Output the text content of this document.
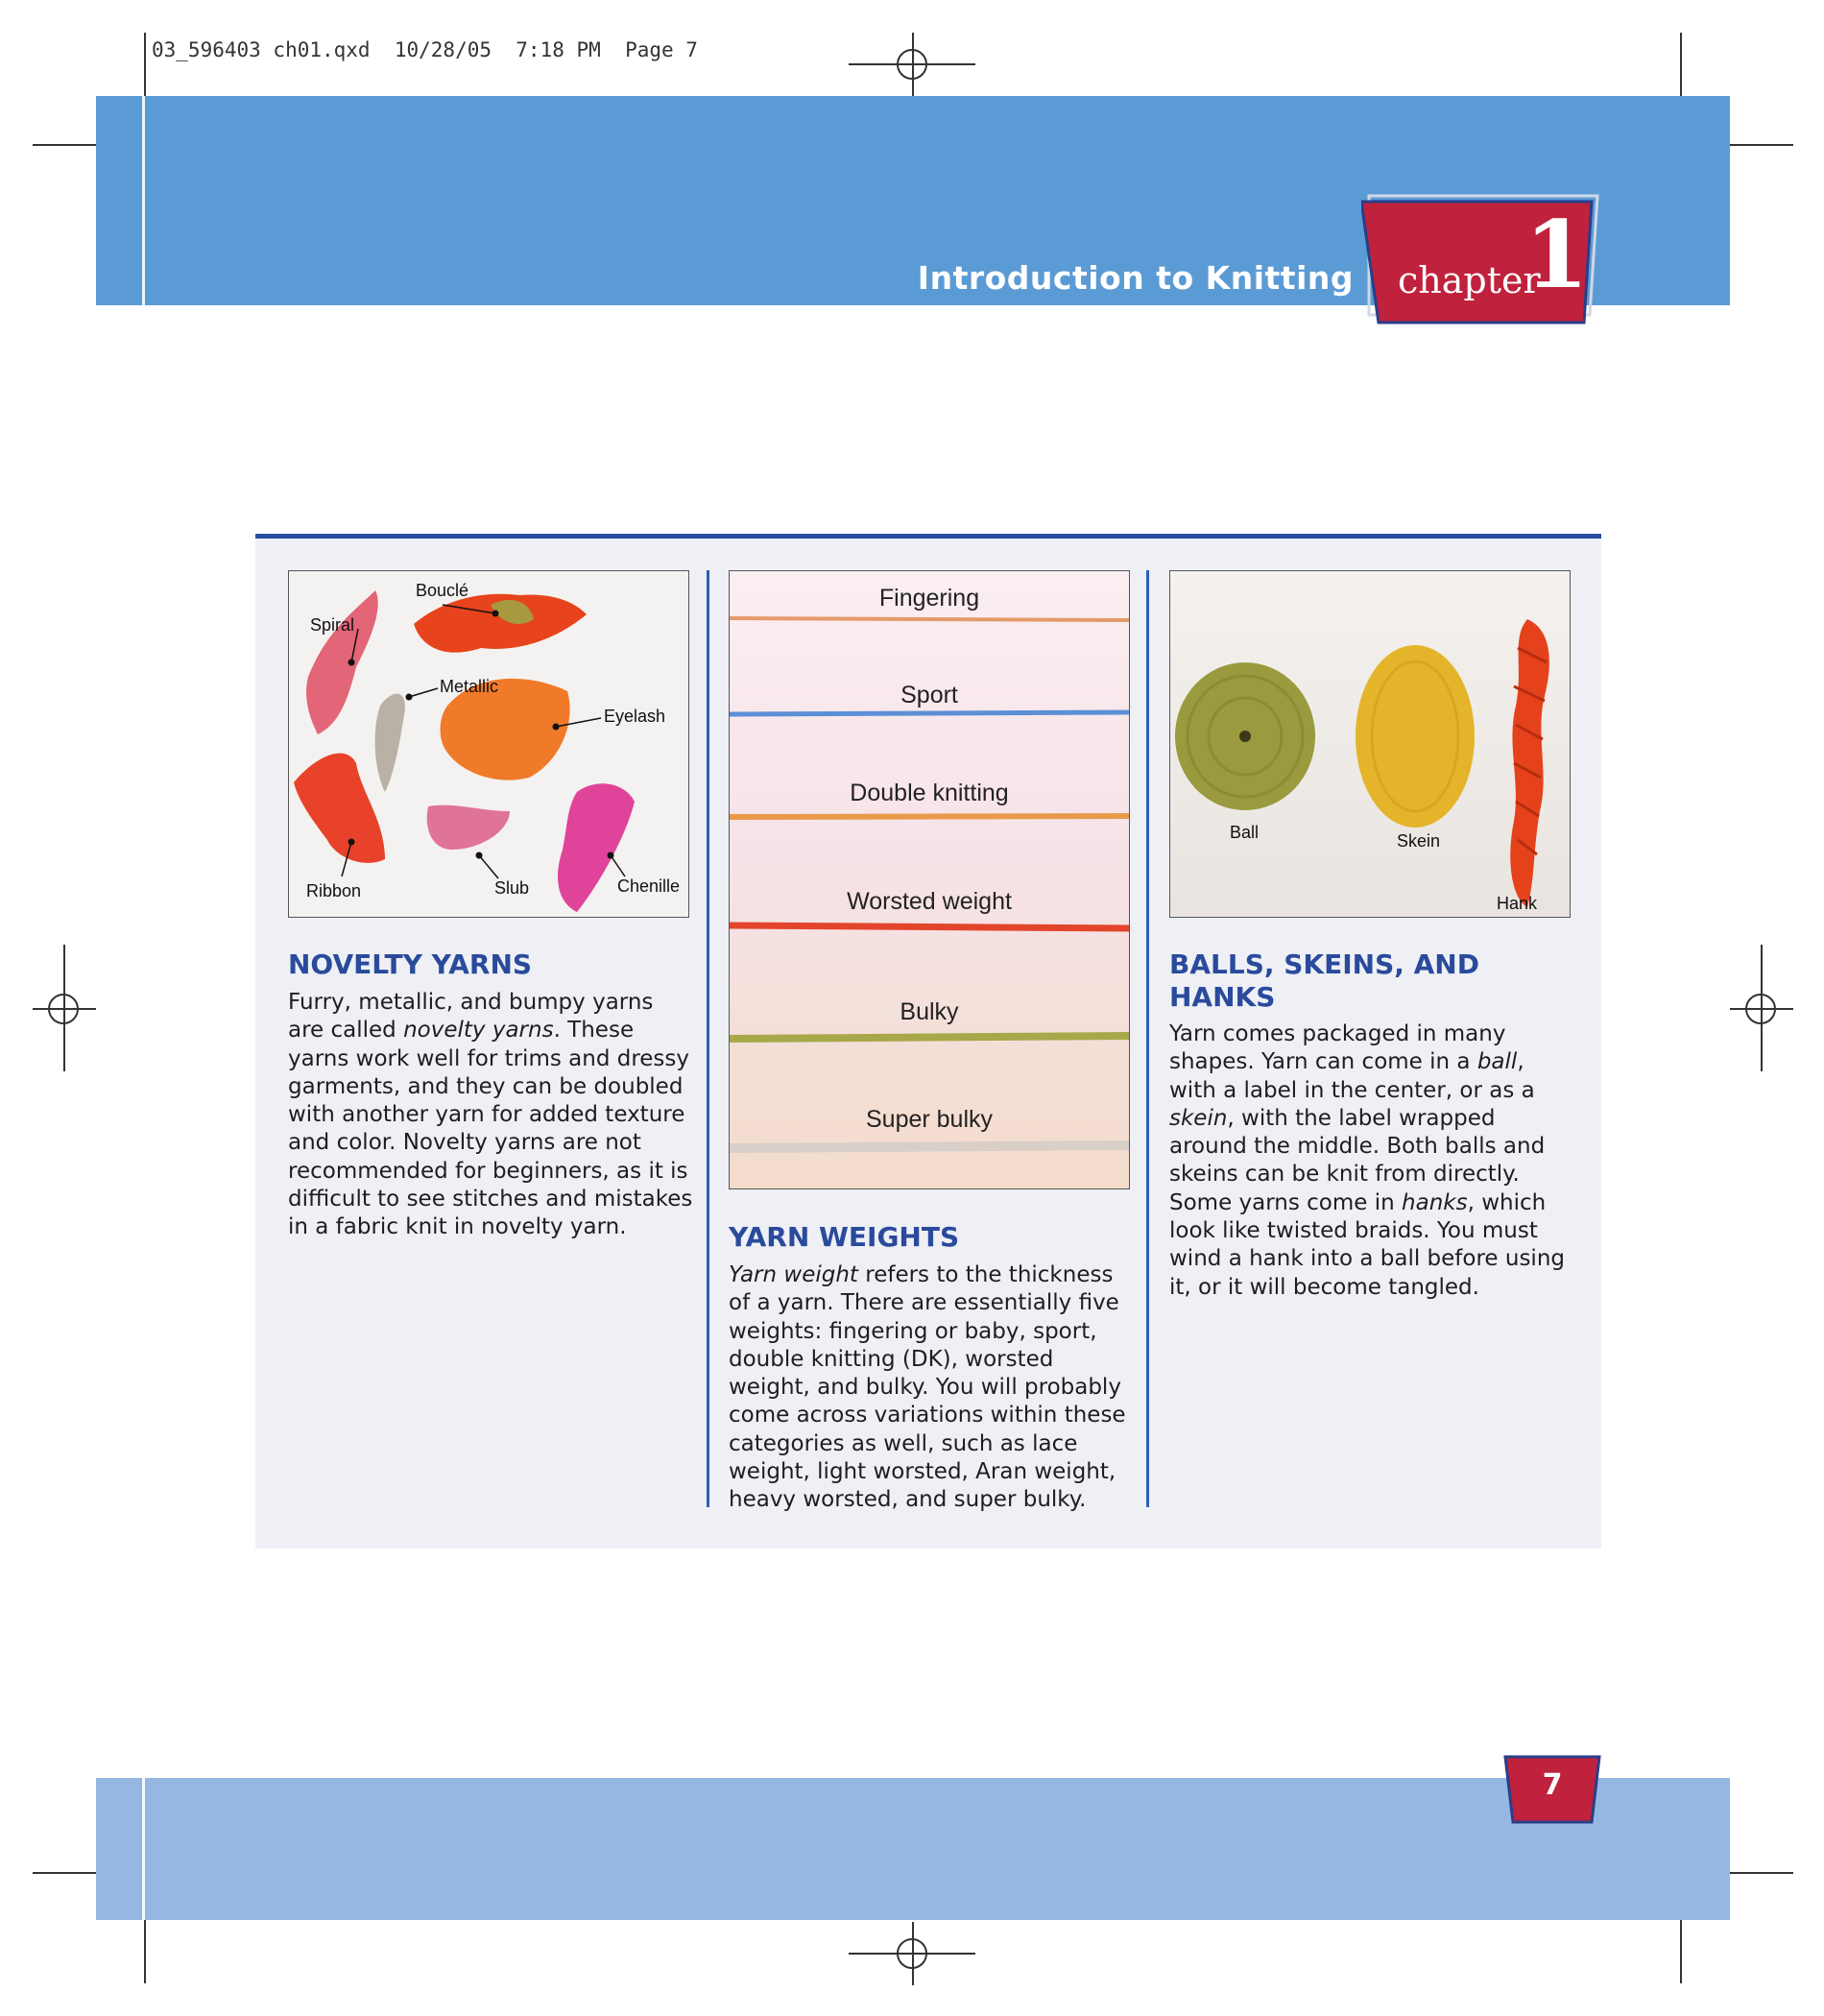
03_596403 ch01.qxd  10/28/05  7:18 PM  Page 7
Introduction to Knitting chapter
1
7
Bouclé
Spiral
Metallic
Eyelash
Ribbon	Slub	Chenille
NOVELTY YARNS
Furry, metallic, and bumpy yarns are called novelty yarns. These yarns work well for trims and dressy garments, and they can be doubled with another yarn for added texture and color. Novelty yarns are not recommended for beginners, as it is difficult to see stitches and mistakes in a fabric knit in novelty yarn.
Fingering
Sport
Double knitting
Worsted weight
Bulky
Super bulky
YARN WEIGHTS
Yarn weight refers to the thickness of a yarn. There are essentially five weights: fingering or baby, sport, double knitting (DK), worsted weight, and bulky. You will probably come across variations within these categories as well, such as lace weight, light worsted, Aran weight, heavy worsted, and super bulky.
Ball	Skein
Hank
BALLS, SKEINS, AND HANKS
Yarn comes packaged in many shapes. Yarn can come in a ball, with a label in the center, or as a skein, with the label wrapped around the middle. Both balls and skeins can be knit from directly. Some yarns come in hanks, which look like twisted braids. You must wind a hank into a ball before using it, or it will become tangled.
